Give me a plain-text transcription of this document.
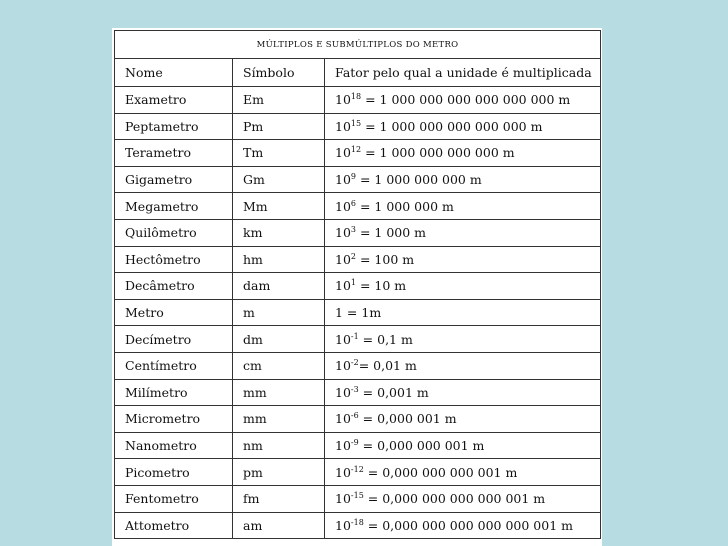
MÚLTIPLOS E SUBMÚLTIPLOS DO METRO		
Nome	Símbolo	Fator pelo qual a unidade é multiplicada
Exametro	Em	$10^{18} = 1$ 000 000 000 000 000 000 m
Peptametro	Pm	$10^{15} = 1$ 000 000 000 000 000 m
Terametro	Tm	$10^{12} = 1$ 000 000 000 000 m
Gigametro	Gm	$10^9 = 1$ 000 000 000 m
Megametro	Mm	$10^6 = 1$ 000 000 m
Quilômetro	km	$10^3 = 1$ 000 m
Hectômetro	hm	$10^2 = 100$ m
Decâmetro	dam	$10^1 = 10$ m
Metro	m	1 = 1m
Decímetro	dm	$10^{-1} = 0,1$ m
Centímetro	cm	$10^{-2}= 0,01$ m
Milímetro	mm	$10^{-3} = 0,001$ m
Micrometro	mm	$10^{-6} = 0,000$ 001 m
Nanometro	nm	$10^{-9} = 0,000$ 000 001 m
Picometro	pm	$10^{-12} = 0,000$ 000 000 001 m
Fentometro	fm	$10^{-15} = 0,000$ 000 000 000 001 m
Attometro	am	$10^{-18} = 0,000$ 000 000 000 000 001 m
